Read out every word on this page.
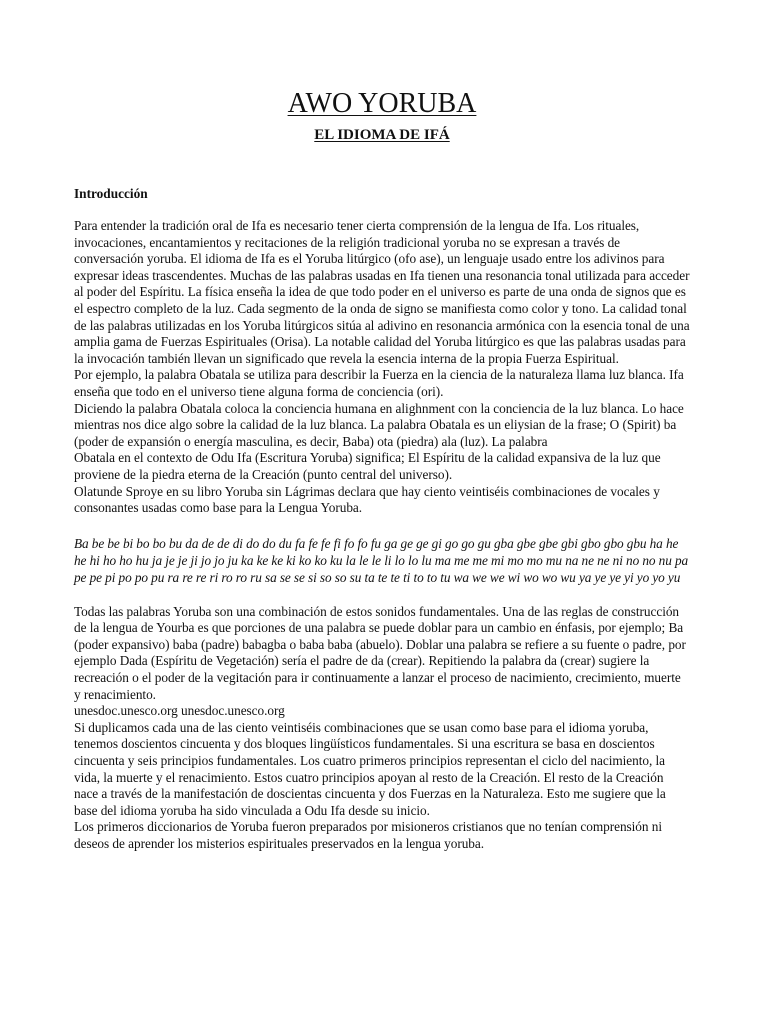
AWO YORUBA
EL IDIOMA DE IFÁ
Introducción

Para entender la tradición oral de Ifa es necesario tener cierta comprensión de la lengua de Ifa. Los rituales, invocaciones, encantamientos y recitaciones de la religión tradicional yoruba no se expresan a través de conversación yoruba. El idioma de Ifa es el Yoruba litúrgico (ofo ase), un lenguaje usado entre los adivinos para expresar ideas trascendentes. Muchas de las palabras usadas en Ifa tienen una resonancia tonal utilizada para acceder al poder del Espíritu. La física enseña la idea de que todo poder en el universo es parte de una onda de signos que es el espectro completo de la luz. Cada segmento de la onda de signo se manifiesta como color y tono. La calidad tonal de las palabras utilizadas en los Yoruba litúrgicos sitúa al adivino en resonancia armónica con la esencia tonal de una amplia gama de Fuerzas Espirituales (Orisa). La notable calidad del Yoruba litúrgico es que las palabras usadas para la invocación también llevan un significado que revela la esencia interna de la propia Fuerza Espiritual.

Por ejemplo, la palabra Obatala se utiliza para describir la Fuerza en la ciencia de la naturaleza llama luz blanca. Ifa enseña que todo en el universo tiene alguna forma de conciencia (ori).

Diciendo la palabra Obatala coloca la conciencia humana en alighnment con la conciencia de la luz blanca. Lo hace mientras nos dice algo sobre la calidad de la luz blanca. La palabra Obatala es un eliysian de la frase; O (Spirit) ba (poder de expansión o energía masculina, es decir, Baba) ota (piedra) ala (luz). La palabra

Obatala en el contexto de Odu Ifa (Escritura Yoruba) significa; El Espíritu de la calidad expansiva de la luz que proviene de la piedra eterna de la Creación (punto central del universo).

Olatunde Sproye en su libro Yoruba sin Lágrimas declara que hay ciento veintiséis combinaciones de vocales y consonantes usadas como base para la Lengua Yoruba.

Ba be be bi bo bo bu da de de di do do du fa fe fe fi fo fo fu ga ge ge gi go go gu gba gbe gbe gbi gbo gbo gbu ha he he hi ho ho hu ja je je ji jo jo ju ka ke ke ki ko ko ku la le le li lo lo lu ma me me mi mo mo mu na ne ne ni no no nu pa pe pe pi po po pu ra re re ri ro ro ru sa se se si so so su ta te te ti to to tu wa we we wi wo wo wu ya ye ye yi yo yo yu

Todas las palabras Yoruba son una combinación de estos sonidos fundamentales. Una de las reglas de construcción de la lengua de Yourba es que porciones de una palabra se puede doblar para un cambio en énfasis, por ejemplo; Ba (poder expansivo) baba (padre) babagba o baba baba (abuelo). Doblar una palabra se refiere a su fuente o padre, por ejemplo Dada (Espíritu de Vegetación) sería el padre de da (crear). Repitiendo la palabra da (crear) sugiere la recreación o el poder de la vegitación para ir continuamente a lanzar el proceso de nacimiento, crecimiento, muerte y renacimiento.

unesdoc.unesco.org unesdoc.unesco.org

Si duplicamos cada una de las ciento veintiséis combinaciones que se usan como base para el idioma yoruba, tenemos doscientos cincuenta y dos bloques lingüísticos fundamentales. Si una escritura se basa en doscientos cincuenta y seis principios fundamentales. Los cuatro primeros principios representan el ciclo del nacimiento, la vida, la muerte y el renacimiento. Estos cuatro principios apoyan al resto de la Creación. El resto de la Creación nace a través de la manifestación de doscientas cincuenta y dos Fuerzas en la Naturaleza. Esto me sugiere que la base del idioma yoruba ha sido vinculada a Odu Ifa desde su inicio.

Los primeros diccionarios de Yoruba fueron preparados por misioneros cristianos que no tenían comprensión ni deseos de aprender los misterios espirituales preservados en la lengua yoruba.
